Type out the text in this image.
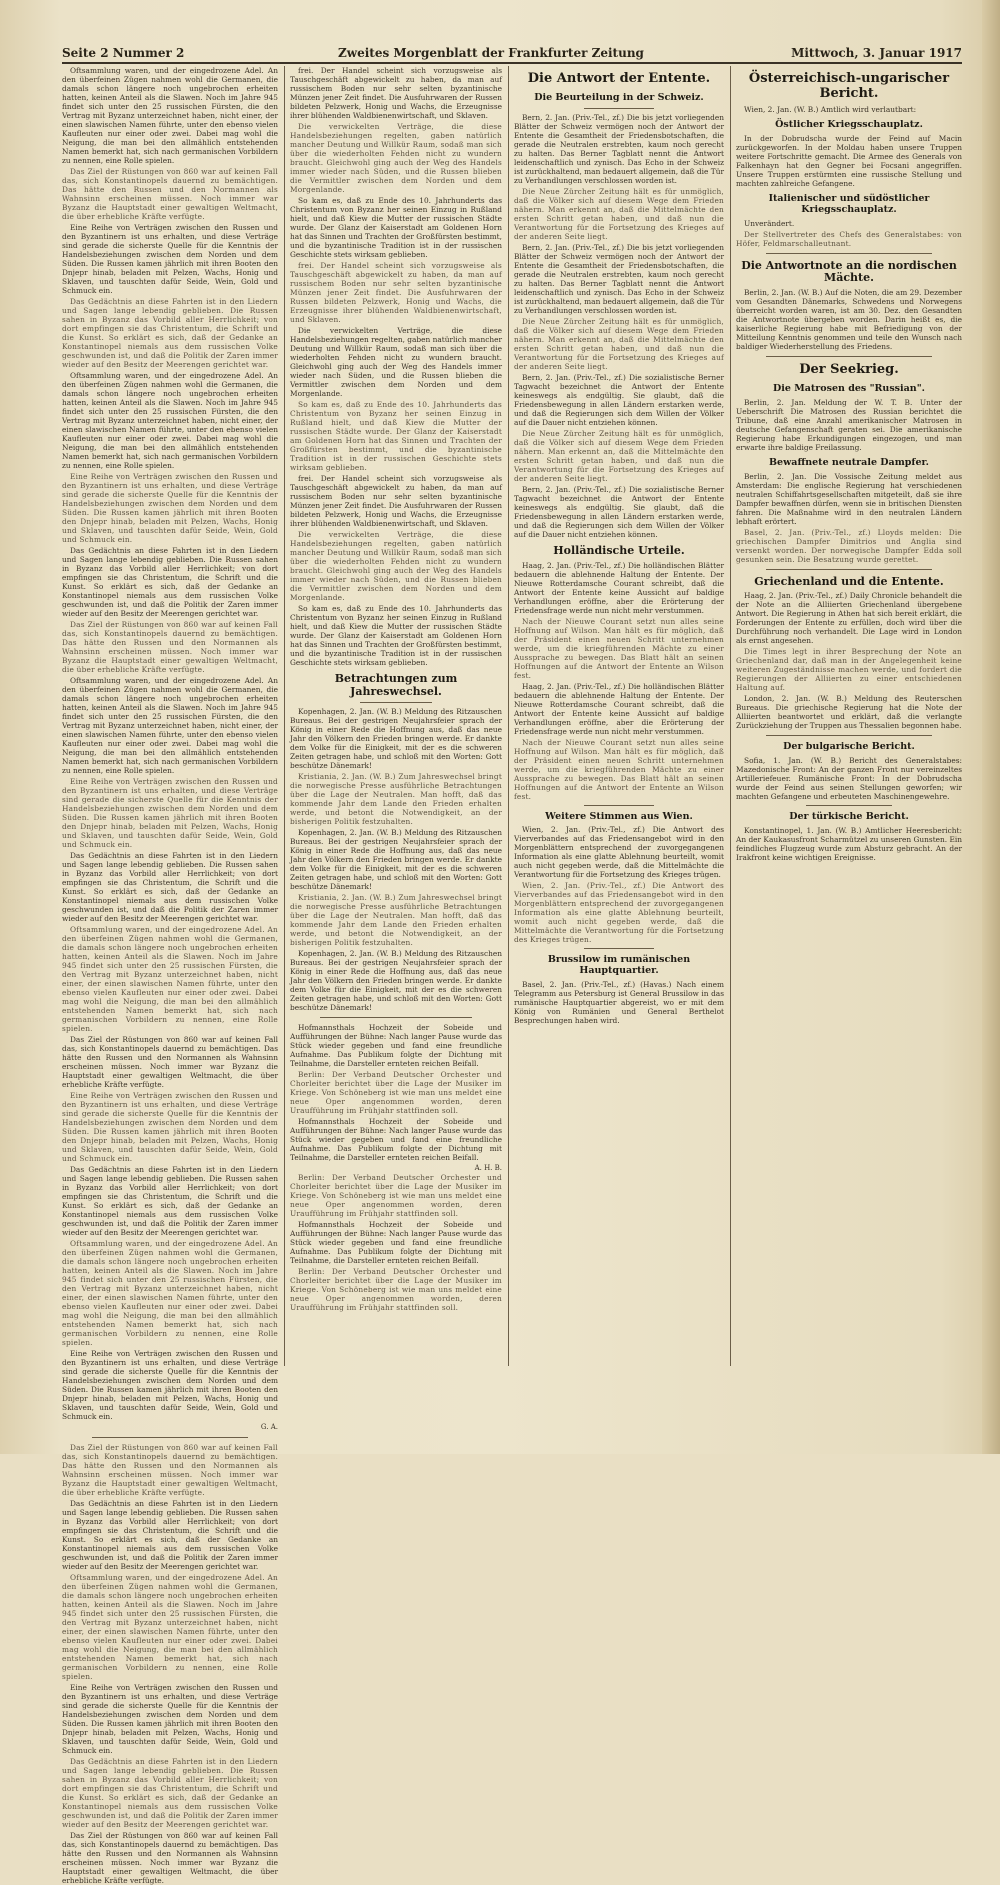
Seite 2 Nummer 2	Zweites Morgenblatt der Frankfurter Zeitung	Mittwoch, 3. Januar 1917

Oftsammlung waren, und der eingedrozene Adel. An den überfeinen Zügen nahmen wohl die Germanen, die damals schon längere noch ungebrochen erheiten hatten, keinen Anteil als die Slawen. Noch im Jahre 945 findet sich unter den 25 russischen Fürsten, die den Vertrag mit Byzanz unterzeichnet haben, nicht einer, der einen slawischen Namen führte, unter den ebenso vielen Kaufleuten nur einer oder zwei. Dabei mag wohl die Neigung, die man bei den allmählich entstehenden Namen bemerkt hat, sich nach germanischen Vorbildern zu nennen, eine Rolle spielen.

Das Ziel der Rüstungen von 860 war auf keinen Fall das, sich Konstantinopels dauernd zu bemächtigen. Das hätte den Russen und den Normannen als Wahnsinn erscheinen müssen. Noch immer war Byzanz die Hauptstadt einer gewaltigen Weltmacht, die über erhebliche Kräfte verfügte.

Eine Reihe von Verträgen zwischen den Russen und den Byzantinern ist uns erhalten, und diese Verträge sind gerade die sicherste Quelle für die Kenntnis der Handelsbeziehungen zwischen dem Norden und dem Süden. Die Russen kamen jährlich mit ihren Booten den Dnjepr hinab, beladen mit Pelzen, Wachs, Honig und Sklaven, und tauschten dafür Seide, Wein, Gold und Schmuck ein.

Das Gedächtnis an diese Fahrten ist in den Liedern und Sagen lange lebendig geblieben. Die Russen sahen in Byzanz das Vorbild aller Herrlichkeit; von dort empfingen sie das Christentum, die Schrift und die Kunst. So erklärt es sich, daß der Gedanke an Konstantinopel niemals aus dem russischen Volke geschwunden ist, und daß die Politik der Zaren immer wieder auf den Besitz der Meerengen gerichtet war.

Oftsammlung waren, und der eingedrozene Adel. An den überfeinen Zügen nahmen wohl die Germanen, die damals schon längere noch ungebrochen erheiten hatten, keinen Anteil als die Slawen. Noch im Jahre 945 findet sich unter den 25 russischen Fürsten, die den Vertrag mit Byzanz unterzeichnet haben, nicht einer, der einen slawischen Namen führte, unter den ebenso vielen Kaufleuten nur einer oder zwei. Dabei mag wohl die Neigung, die man bei den allmählich entstehenden Namen bemerkt hat, sich nach germanischen Vorbildern zu nennen, eine Rolle spielen.

Eine Reihe von Verträgen zwischen den Russen und den Byzantinern ist uns erhalten, und diese Verträge sind gerade die sicherste Quelle für die Kenntnis der Handelsbeziehungen zwischen dem Norden und dem Süden. Die Russen kamen jährlich mit ihren Booten den Dnjepr hinab, beladen mit Pelzen, Wachs, Honig und Sklaven, und tauschten dafür Seide, Wein, Gold und Schmuck ein.

Das Gedächtnis an diese Fahrten ist in den Liedern und Sagen lange lebendig geblieben. Die Russen sahen in Byzanz das Vorbild aller Herrlichkeit; von dort empfingen sie das Christentum, die Schrift und die Kunst. So erklärt es sich, daß der Gedanke an Konstantinopel niemals aus dem russischen Volke geschwunden ist, und daß die Politik der Zaren immer wieder auf den Besitz der Meerengen gerichtet war.

Das Ziel der Rüstungen von 860 war auf keinen Fall das, sich Konstantinopels dauernd zu bemächtigen. Das hätte den Russen und den Normannen als Wahnsinn erscheinen müssen. Noch immer war Byzanz die Hauptstadt einer gewaltigen Weltmacht, die über erhebliche Kräfte verfügte.

Oftsammlung waren, und der eingedrozene Adel. An den überfeinen Zügen nahmen wohl die Germanen, die damals schon längere noch ungebrochen erheiten hatten, keinen Anteil als die Slawen. Noch im Jahre 945 findet sich unter den 25 russischen Fürsten, die den Vertrag mit Byzanz unterzeichnet haben, nicht einer, der einen slawischen Namen führte, unter den ebenso vielen Kaufleuten nur einer oder zwei. Dabei mag wohl die Neigung, die man bei den allmählich entstehenden Namen bemerkt hat, sich nach germanischen Vorbildern zu nennen, eine Rolle spielen.

Eine Reihe von Verträgen zwischen den Russen und den Byzantinern ist uns erhalten, und diese Verträge sind gerade die sicherste Quelle für die Kenntnis der Handelsbeziehungen zwischen dem Norden und dem Süden. Die Russen kamen jährlich mit ihren Booten den Dnjepr hinab, beladen mit Pelzen, Wachs, Honig und Sklaven, und tauschten dafür Seide, Wein, Gold und Schmuck ein.

Das Gedächtnis an diese Fahrten ist in den Liedern und Sagen lange lebendig geblieben. Die Russen sahen in Byzanz das Vorbild aller Herrlichkeit; von dort empfingen sie das Christentum, die Schrift und die Kunst. So erklärt es sich, daß der Gedanke an Konstantinopel niemals aus dem russischen Volke geschwunden ist, und daß die Politik der Zaren immer wieder auf den Besitz der Meerengen gerichtet war.

Oftsammlung waren, und der eingedrozene Adel. An den überfeinen Zügen nahmen wohl die Germanen, die damals schon längere noch ungebrochen erheiten hatten, keinen Anteil als die Slawen. Noch im Jahre 945 findet sich unter den 25 russischen Fürsten, die den Vertrag mit Byzanz unterzeichnet haben, nicht einer, der einen slawischen Namen führte, unter den ebenso vielen Kaufleuten nur einer oder zwei. Dabei mag wohl die Neigung, die man bei den allmählich entstehenden Namen bemerkt hat, sich nach germanischen Vorbildern zu nennen, eine Rolle spielen.

Das Ziel der Rüstungen von 860 war auf keinen Fall das, sich Konstantinopels dauernd zu bemächtigen. Das hätte den Russen und den Normannen als Wahnsinn erscheinen müssen. Noch immer war Byzanz die Hauptstadt einer gewaltigen Weltmacht, die über erhebliche Kräfte verfügte.

Eine Reihe von Verträgen zwischen den Russen und den Byzantinern ist uns erhalten, und diese Verträge sind gerade die sicherste Quelle für die Kenntnis der Handelsbeziehungen zwischen dem Norden und dem Süden. Die Russen kamen jährlich mit ihren Booten den Dnjepr hinab, beladen mit Pelzen, Wachs, Honig und Sklaven, und tauschten dafür Seide, Wein, Gold und Schmuck ein.

Das Gedächtnis an diese Fahrten ist in den Liedern und Sagen lange lebendig geblieben. Die Russen sahen in Byzanz das Vorbild aller Herrlichkeit; von dort empfingen sie das Christentum, die Schrift und die Kunst. So erklärt es sich, daß der Gedanke an Konstantinopel niemals aus dem russischen Volke geschwunden ist, und daß die Politik der Zaren immer wieder auf den Besitz der Meerengen gerichtet war.

Oftsammlung waren, und der eingedrozene Adel. An den überfeinen Zügen nahmen wohl die Germanen, die damals schon längere noch ungebrochen erheiten hatten, keinen Anteil als die Slawen. Noch im Jahre 945 findet sich unter den 25 russischen Fürsten, die den Vertrag mit Byzanz unterzeichnet haben, nicht einer, der einen slawischen Namen führte, unter den ebenso vielen Kaufleuten nur einer oder zwei. Dabei mag wohl die Neigung, die man bei den allmählich entstehenden Namen bemerkt hat, sich nach germanischen Vorbildern zu nennen, eine Rolle spielen.

Eine Reihe von Verträgen zwischen den Russen und den Byzantinern ist uns erhalten, und diese Verträge sind gerade die sicherste Quelle für die Kenntnis der Handelsbeziehungen zwischen dem Norden und dem Süden. Die Russen kamen jährlich mit ihren Booten den Dnjepr hinab, beladen mit Pelzen, Wachs, Honig und Sklaven, und tauschten dafür Seide, Wein, Gold und Schmuck ein.

G. A.

Das Ziel der Rüstungen von 860 war auf keinen Fall das, sich Konstantinopels dauernd zu bemächtigen. Das hätte den Russen und den Normannen als Wahnsinn erscheinen müssen. Noch immer war Byzanz die Hauptstadt einer gewaltigen Weltmacht, die über erhebliche Kräfte verfügte.

Das Gedächtnis an diese Fahrten ist in den Liedern und Sagen lange lebendig geblieben. Die Russen sahen in Byzanz das Vorbild aller Herrlichkeit; von dort empfingen sie das Christentum, die Schrift und die Kunst. So erklärt es sich, daß der Gedanke an Konstantinopel niemals aus dem russischen Volke geschwunden ist, und daß die Politik der Zaren immer wieder auf den Besitz der Meerengen gerichtet war.

Oftsammlung waren, und der eingedrozene Adel. An den überfeinen Zügen nahmen wohl die Germanen, die damals schon längere noch ungebrochen erheiten hatten, keinen Anteil als die Slawen. Noch im Jahre 945 findet sich unter den 25 russischen Fürsten, die den Vertrag mit Byzanz unterzeichnet haben, nicht einer, der einen slawischen Namen führte, unter den ebenso vielen Kaufleuten nur einer oder zwei. Dabei mag wohl die Neigung, die man bei den allmählich entstehenden Namen bemerkt hat, sich nach germanischen Vorbildern zu nennen, eine Rolle spielen.

Eine Reihe von Verträgen zwischen den Russen und den Byzantinern ist uns erhalten, und diese Verträge sind gerade die sicherste Quelle für die Kenntnis der Handelsbeziehungen zwischen dem Norden und dem Süden. Die Russen kamen jährlich mit ihren Booten den Dnjepr hinab, beladen mit Pelzen, Wachs, Honig und Sklaven, und tauschten dafür Seide, Wein, Gold und Schmuck ein.

Das Gedächtnis an diese Fahrten ist in den Liedern und Sagen lange lebendig geblieben. Die Russen sahen in Byzanz das Vorbild aller Herrlichkeit; von dort empfingen sie das Christentum, die Schrift und die Kunst. So erklärt es sich, daß der Gedanke an Konstantinopel niemals aus dem russischen Volke geschwunden ist, und daß die Politik der Zaren immer wieder auf den Besitz der Meerengen gerichtet war.

Das Ziel der Rüstungen von 860 war auf keinen Fall das, sich Konstantinopels dauernd zu bemächtigen. Das hätte den Russen und den Normannen als Wahnsinn erscheinen müssen. Noch immer war Byzanz die Hauptstadt einer gewaltigen Weltmacht, die über erhebliche Kräfte verfügte.

frei. Der Handel scheint sich vorzugsweise als Tauschgeschäft abgewickelt zu haben, da man auf russischem Boden nur sehr selten byzantinische Münzen jener Zeit findet. Die Ausfuhrwaren der Russen bildeten Pelzwerk, Honig und Wachs, die Erzeugnisse ihrer blühenden Waldbienenwirtschaft, und Sklaven.

Die verwickelten Verträge, die diese Handelsbeziehungen regelten, gaben natürlich mancher Deutung und Willkür Raum, sodaß man sich über die wiederholten Fehden nicht zu wundern braucht. Gleichwohl ging auch der Weg des Handels immer wieder nach Süden, und die Russen blieben die Vermittler zwischen dem Norden und dem Morgenlande.

So kam es, daß zu Ende des 10. Jahrhunderts das Christentum von Byzanz her seinen Einzug in Rußland hielt, und daß Kiew die Mutter der russischen Städte wurde. Der Glanz der Kaiserstadt am Goldenen Horn hat das Sinnen und Trachten der Großfürsten bestimmt, und die byzantinische Tradition ist in der russischen Geschichte stets wirksam geblieben.

frei. Der Handel scheint sich vorzugsweise als Tauschgeschäft abgewickelt zu haben, da man auf russischem Boden nur sehr selten byzantinische Münzen jener Zeit findet. Die Ausfuhrwaren der Russen bildeten Pelzwerk, Honig und Wachs, die Erzeugnisse ihrer blühenden Waldbienenwirtschaft, und Sklaven.

Die verwickelten Verträge, die diese Handelsbeziehungen regelten, gaben natürlich mancher Deutung und Willkür Raum, sodaß man sich über die wiederholten Fehden nicht zu wundern braucht. Gleichwohl ging auch der Weg des Handels immer wieder nach Süden, und die Russen blieben die Vermittler zwischen dem Norden und dem Morgenlande.

So kam es, daß zu Ende des 10. Jahrhunderts das Christentum von Byzanz her seinen Einzug in Rußland hielt, und daß Kiew die Mutter der russischen Städte wurde. Der Glanz der Kaiserstadt am Goldenen Horn hat das Sinnen und Trachten der Großfürsten bestimmt, und die byzantinische Tradition ist in der russischen Geschichte stets wirksam geblieben.

frei. Der Handel scheint sich vorzugsweise als Tauschgeschäft abgewickelt zu haben, da man auf russischem Boden nur sehr selten byzantinische Münzen jener Zeit findet. Die Ausfuhrwaren der Russen bildeten Pelzwerk, Honig und Wachs, die Erzeugnisse ihrer blühenden Waldbienenwirtschaft, und Sklaven.

Die verwickelten Verträge, die diese Handelsbeziehungen regelten, gaben natürlich mancher Deutung und Willkür Raum, sodaß man sich über die wiederholten Fehden nicht zu wundern braucht. Gleichwohl ging auch der Weg des Handels immer wieder nach Süden, und die Russen blieben die Vermittler zwischen dem Norden und dem Morgenlande.

So kam es, daß zu Ende des 10. Jahrhunderts das Christentum von Byzanz her seinen Einzug in Rußland hielt, und daß Kiew die Mutter der russischen Städte wurde. Der Glanz der Kaiserstadt am Goldenen Horn hat das Sinnen und Trachten der Großfürsten bestimmt, und die byzantinische Tradition ist in der russischen Geschichte stets wirksam geblieben.

Betrachtungen zum Jahreswechsel.

Kopenhagen, 2. Jan. (W. B.) Meldung des Ritzauschen Bureaus. Bei der gestrigen Neujahrsfeier sprach der König in einer Rede die Hoffnung aus, daß das neue Jahr den Völkern den Frieden bringen werde. Er dankte dem Volke für die Einigkeit, mit der es die schweren Zeiten getragen habe, und schloß mit den Worten: Gott beschütze Dänemark!

Kristiania, 2. Jan. (W. B.) Zum Jahreswechsel bringt die norwegische Presse ausführliche Betrachtungen über die Lage der Neutralen. Man hofft, daß das kommende Jahr dem Lande den Frieden erhalten werde, und betont die Notwendigkeit, an der bisherigen Politik festzuhalten.

Kopenhagen, 2. Jan. (W. B.) Meldung des Ritzauschen Bureaus. Bei der gestrigen Neujahrsfeier sprach der König in einer Rede die Hoffnung aus, daß das neue Jahr den Völkern den Frieden bringen werde. Er dankte dem Volke für die Einigkeit, mit der es die schweren Zeiten getragen habe, und schloß mit den Worten: Gott beschütze Dänemark!

Kristiania, 2. Jan. (W. B.) Zum Jahreswechsel bringt die norwegische Presse ausführliche Betrachtungen über die Lage der Neutralen. Man hofft, daß das kommende Jahr dem Lande den Frieden erhalten werde, und betont die Notwendigkeit, an der bisherigen Politik festzuhalten.

Kopenhagen, 2. Jan. (W. B.) Meldung des Ritzauschen Bureaus. Bei der gestrigen Neujahrsfeier sprach der König in einer Rede die Hoffnung aus, daß das neue Jahr den Völkern den Frieden bringen werde. Er dankte dem Volke für die Einigkeit, mit der es die schweren Zeiten getragen habe, und schloß mit den Worten: Gott beschütze Dänemark!

Hofmannsthals Hochzeit der Sobeide und Aufführungen der Bühne: Nach langer Pause wurde das Stück wieder gegeben und fand eine freundliche Aufnahme. Das Publikum folgte der Dichtung mit Teilnahme, die Darsteller ernteten reichen Beifall.

Berlin: Der Verband Deutscher Orchester und Chorleiter berichtet über die Lage der Musiker im Kriege. Von Schöneberg ist wie man uns meldet eine neue Oper angenommen worden, deren Uraufführung im Frühjahr stattfinden soll.

Hofmannsthals Hochzeit der Sobeide und Aufführungen der Bühne: Nach langer Pause wurde das Stück wieder gegeben und fand eine freundliche Aufnahme. Das Publikum folgte der Dichtung mit Teilnahme, die Darsteller ernteten reichen Beifall.

A. H. B.

Berlin: Der Verband Deutscher Orchester und Chorleiter berichtet über die Lage der Musiker im Kriege. Von Schöneberg ist wie man uns meldet eine neue Oper angenommen worden, deren Uraufführung im Frühjahr stattfinden soll.

Hofmannsthals Hochzeit der Sobeide und Aufführungen der Bühne: Nach langer Pause wurde das Stück wieder gegeben und fand eine freundliche Aufnahme. Das Publikum folgte der Dichtung mit Teilnahme, die Darsteller ernteten reichen Beifall.

Berlin: Der Verband Deutscher Orchester und Chorleiter berichtet über die Lage der Musiker im Kriege. Von Schöneberg ist wie man uns meldet eine neue Oper angenommen worden, deren Uraufführung im Frühjahr stattfinden soll.

Die Antwort der Entente.
Die Beurteilung in der Schweiz.

Bern, 2. Jan. (Priv.-Tel., zf.) Die bis jetzt vorliegenden Blätter der Schweiz vermögen noch der Antwort der Entente die Gesamtheit der Friedensbotschaften, die gerade die Neutralen erstrebten, kaum noch gerecht zu halten. Das Berner Tagblatt nennt die Antwort leidenschaftlich und zynisch. Das Echo in der Schweiz ist zurückhaltend, man bedauert allgemein, daß die Tür zu Verhandlungen verschlossen worden ist.

Die Neue Zürcher Zeitung hält es für unmöglich, daß die Völker sich auf diesem Wege dem Frieden nähern. Man erkennt an, daß die Mittelmächte den ersten Schritt getan haben, und daß nun die Verantwortung für die Fortsetzung des Krieges auf der anderen Seite liegt.

Bern, 2. Jan. (Priv.-Tel., zf.) Die bis jetzt vorliegenden Blätter der Schweiz vermögen noch der Antwort der Entente die Gesamtheit der Friedensbotschaften, die gerade die Neutralen erstrebten, kaum noch gerecht zu halten. Das Berner Tagblatt nennt die Antwort leidenschaftlich und zynisch. Das Echo in der Schweiz ist zurückhaltend, man bedauert allgemein, daß die Tür zu Verhandlungen verschlossen worden ist.

Die Neue Zürcher Zeitung hält es für unmöglich, daß die Völker sich auf diesem Wege dem Frieden nähern. Man erkennt an, daß die Mittelmächte den ersten Schritt getan haben, und daß nun die Verantwortung für die Fortsetzung des Krieges auf der anderen Seite liegt.

Bern, 2. Jan. (Priv.-Tel., zf.) Die sozialistische Berner Tagwacht bezeichnet die Antwort der Entente keineswegs als endgültig. Sie glaubt, daß die Friedensbewegung in allen Ländern erstarken werde, und daß die Regierungen sich dem Willen der Völker auf die Dauer nicht entziehen können.

Die Neue Zürcher Zeitung hält es für unmöglich, daß die Völker sich auf diesem Wege dem Frieden nähern. Man erkennt an, daß die Mittelmächte den ersten Schritt getan haben, und daß nun die Verantwortung für die Fortsetzung des Krieges auf der anderen Seite liegt.

Bern, 2. Jan. (Priv.-Tel., zf.) Die sozialistische Berner Tagwacht bezeichnet die Antwort der Entente keineswegs als endgültig. Sie glaubt, daß die Friedensbewegung in allen Ländern erstarken werde, und daß die Regierungen sich dem Willen der Völker auf die Dauer nicht entziehen können.

Holländische Urteile.

Haag, 2. Jan. (Priv.-Tel., zf.) Die holländischen Blätter bedauern die ablehnende Haltung der Entente. Der Nieuwe Rotterdamsche Courant schreibt, daß die Antwort der Entente keine Aussicht auf baldige Verhandlungen eröffne, aber die Erörterung der Friedensfrage werde nun nicht mehr verstummen.

Nach der Nieuwe Courant setzt nun alles seine Hoffnung auf Wilson. Man hält es für möglich, daß der Präsident einen neuen Schritt unternehmen werde, um die kriegführenden Mächte zu einer Aussprache zu bewegen. Das Blatt hält an seinen Hoffnungen auf die Antwort der Entente an Wilson fest.

Haag, 2. Jan. (Priv.-Tel., zf.) Die holländischen Blätter bedauern die ablehnende Haltung der Entente. Der Nieuwe Rotterdamsche Courant schreibt, daß die Antwort der Entente keine Aussicht auf baldige Verhandlungen eröffne, aber die Erörterung der Friedensfrage werde nun nicht mehr verstummen.

Nach der Nieuwe Courant setzt nun alles seine Hoffnung auf Wilson. Man hält es für möglich, daß der Präsident einen neuen Schritt unternehmen werde, um die kriegführenden Mächte zu einer Aussprache zu bewegen. Das Blatt hält an seinen Hoffnungen auf die Antwort der Entente an Wilson fest.

Weitere Stimmen aus Wien.

Wien, 2. Jan. (Priv.-Tel., zf.) Die Antwort des Vierverbandes auf das Friedensangebot wird in den Morgenblättern entsprechend der zuvorgegangenen Information als eine glatte Ablehnung beurteilt, womit auch nicht gegeben werde, daß die Mittelmächte die Verantwortung für die Fortsetzung des Krieges trügen.

Wien, 2. Jan. (Priv.-Tel., zf.) Die Antwort des Vierverbandes auf das Friedensangebot wird in den Morgenblättern entsprechend der zuvorgegangenen Information als eine glatte Ablehnung beurteilt, womit auch nicht gegeben werde, daß die Mittelmächte die Verantwortung für die Fortsetzung des Krieges trügen.

Brussilow im rumänischen Hauptquartier.

Basel, 2. Jan. (Priv.-Tel., zf.) (Havas.) Nach einem Telegramm aus Petersburg ist General Brussilow in das rumänische Hauptquartier abgereist, wo er mit dem König von Rumänien und General Berthelot Besprechungen haben wird.

Österreichisch-ungarischer Bericht.

Wien, 2. Jan. (W. B.) Amtlich wird verlautbart:

Östlicher Kriegsschauplatz.

In der Dobrudscha wurde der Feind auf Macin zurückgeworfen. In der Moldau haben unsere Truppen weitere Fortschritte gemacht. Die Armee des Generals von Falkenhayn hat den Gegner bei Focsani angegriffen. Unsere Truppen erstürmten eine russische Stellung und machten zahlreiche Gefangene.

Italienischer und südöstlicher Kriegsschauplatz.

Unverändert.

Der Stellvertreter des Chefs des Generalstabes: von Höfer, Feldmarschalleutnant.

Die Antwortnote an die nordischen Mächte.

Berlin, 2. Jan. (W. B.) Auf die Noten, die am 29. Dezember vom Gesandten Dänemarks, Schwedens und Norwegens überreicht worden waren, ist am 30. Dez. den Gesandten die Antwortnote übergeben worden. Darin heißt es, die kaiserliche Regierung habe mit Befriedigung von der Mitteilung Kenntnis genommen und teile den Wunsch nach baldiger Wiederherstellung des Friedens.

Der Seekrieg.
Die Matrosen des "Russian".

Berlin, 2. Jan. Meldung der W. T. B. Unter der Ueberschrift Die Matrosen des Russian berichtet die Tribune, daß eine Anzahl amerikanischer Matrosen in deutsche Gefangenschaft geraten sei. Die amerikanische Regierung habe Erkundigungen eingezogen, und man erwarte ihre baldige Freilassung.

Bewaffnete neutrale Dampfer.

Berlin, 2. Jan. Die Vossische Zeitung meldet aus Amsterdam: Die englische Regierung hat verschiedenen neutralen Schiffahrtsgesellschaften mitgeteilt, daß sie ihre Dampfer bewaffnen dürfen, wenn sie in britischen Diensten fahren. Die Maßnahme wird in den neutralen Ländern lebhaft erörtert.

Basel, 2. Jan. (Priv.-Tel., zf.) Lloyds melden: Die griechischen Dampfer Dimitrios und Anglia sind versenkt worden. Der norwegische Dampfer Edda soll gesunken sein. Die Besatzung wurde gerettet.

Griechenland und die Entente.

Haag, 2. Jan. (Priv.-Tel., zf.) Daily Chronicle behandelt die der Note an die Alliierten Griechenland übergebene Antwort. Die Regierung in Athen hat sich bereit erklärt, die Forderungen der Entente zu erfüllen, doch wird über die Durchführung noch verhandelt. Die Lage wird in London als ernst angesehen.

Die Times legt in ihrer Besprechung der Note an Griechenland dar, daß man in der Angelegenheit keine weiteren Zugeständnisse machen werde, und fordert die Regierungen der Alliierten zu einer entschiedenen Haltung auf.

London, 2. Jan. (W. B.) Meldung des Reuterschen Bureaus. Die griechische Regierung hat die Note der Alliierten beantwortet und erklärt, daß die verlangte Zurückziehung der Truppen aus Thessalien begonnen habe.

Der bulgarische Bericht.

Sofia, 1. Jan. (W. B.) Bericht des Generalstabes: Mazedonische Front: An der ganzen Front nur vereinzeltes Artilleriefeuer. Rumänische Front: In der Dobrudscha wurde der Feind aus seinen Stellungen geworfen; wir machten Gefangene und erbeuteten Maschinengewehre.

Der türkische Bericht.

Konstantinopel, 1. Jan. (W. B.) Amtlicher Heeresbericht: An der Kaukasusfront Scharmützel zu unseren Gunsten. Ein feindliches Flugzeug wurde zum Absturz gebracht. An der Irakfront keine wichtigen Ereignisse.
